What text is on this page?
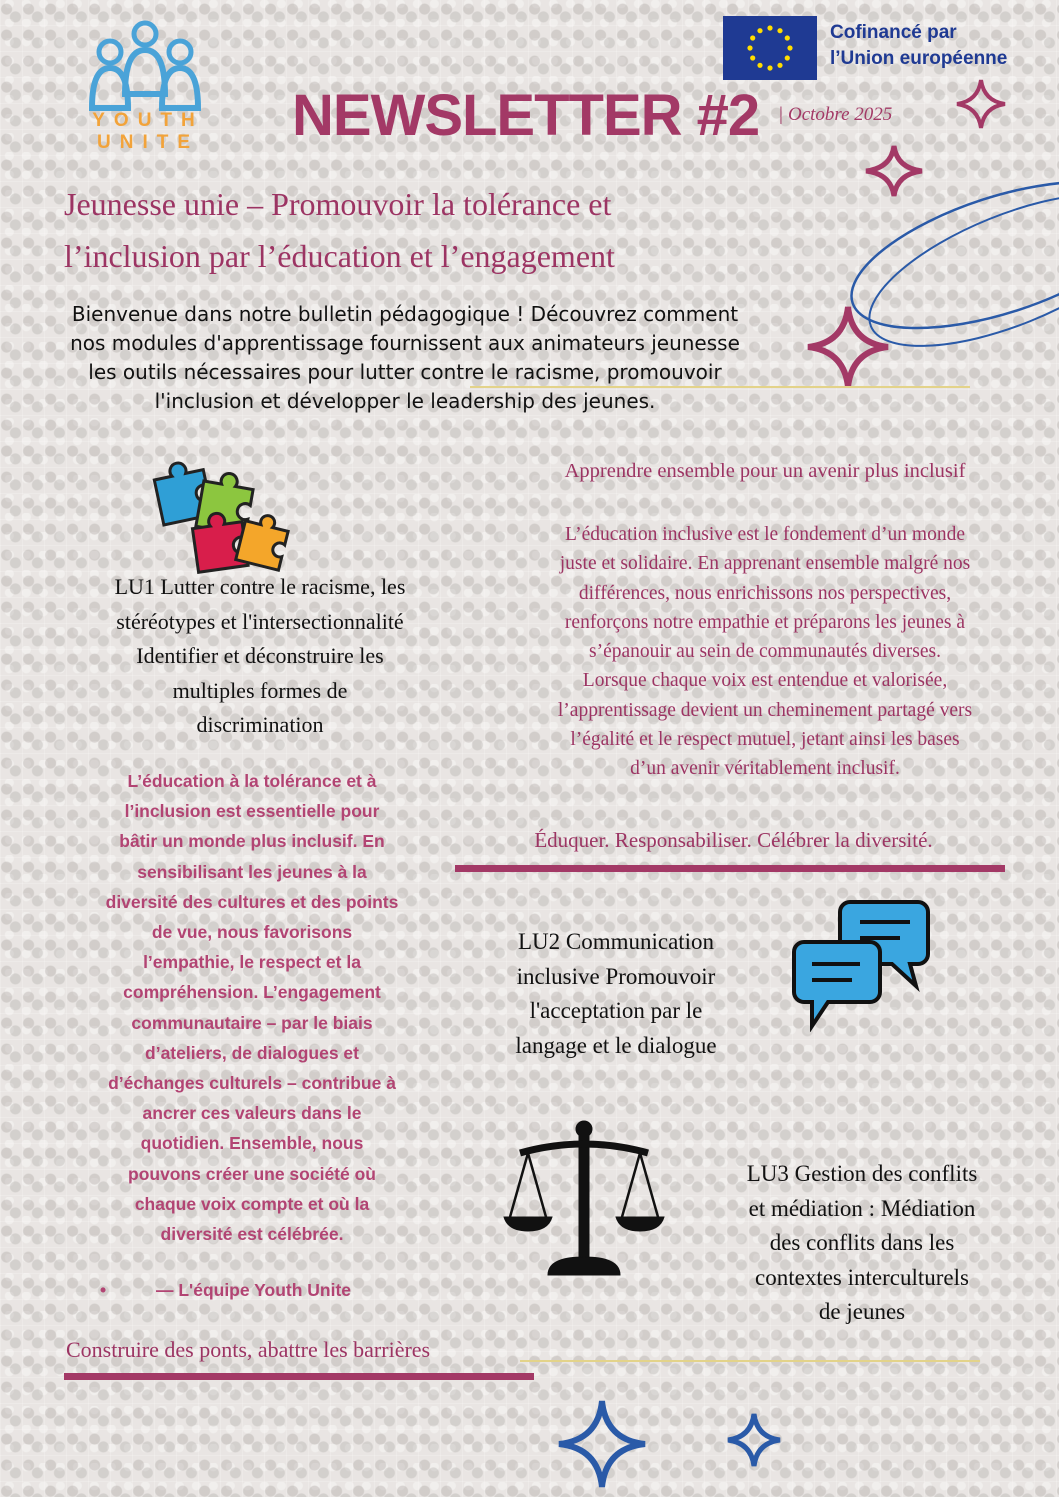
YOUTH UNITE	NEWSLETTER #2 | Octobre 2025
Cofinancé par
l’Union européenne
Jeunesse unie – Promouvoir la tolérance et
l’inclusion par l’éducation et l’engagement
Bienvenue dans notre bulletin pédagogique ! Découvrez comment
nos modules d'apprentissage fournissent aux animateurs jeunesse
les outils nécessaires pour lutter contre le racisme, promouvoir
l'inclusion et développer le leadership des jeunes.
LU1 Lutter contre le racisme, les
stéréotypes et l'intersectionnalité
Identifier et déconstruire les
multiples formes de
discrimination
L’éducation à la tolérance et à
l’inclusion est essentielle pour
bâtir un monde plus inclusif. En
sensibilisant les jeunes à la
diversité des cultures et des points
de vue, nous favorisons
l’empathie, le respect et la
compréhension. L’engagement
communautaire – par le biais
d’ateliers, de dialogues et
d’échanges culturels – contribue à
ancrer ces valeurs dans le
quotidien. Ensemble, nous
pouvons créer une société où
chaque voix compte et où la
diversité est célébrée.
•	— L'équipe Youth Unite
Apprendre ensemble pour un avenir plus inclusif
L’éducation inclusive est le fondement d’un monde
juste et solidaire. En apprenant ensemble malgré nos
différences, nous enrichissons nos perspectives,
renforçons notre empathie et préparons les jeunes à
s’épanouir au sein de communautés diverses.
Lorsque chaque voix est entendue et valorisée,
l’apprentissage devient un cheminement partagé vers
l’égalité et le respect mutuel, jetant ainsi les bases
d’un avenir véritablement inclusif.
Éduquer. Responsabiliser. Célébrer la diversité.
LU2 Communication
inclusive Promouvoir
l'acceptation par le
langage et le dialogue
LU3 Gestion des conflits
et médiation : Médiation
des conflits dans les
contextes interculturels
de jeunes
Construire des ponts, abattre les barrières
